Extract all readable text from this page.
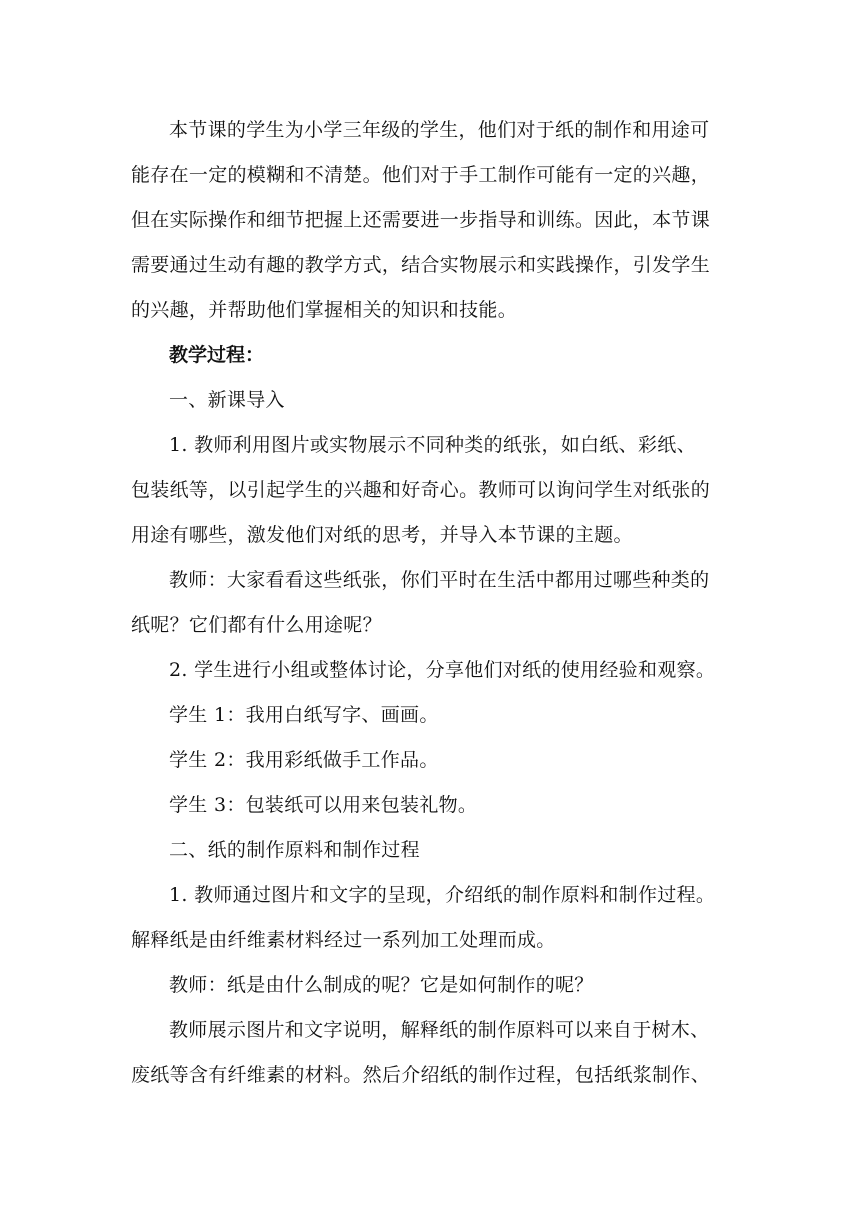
本节课的学生为小学三年级的学生，他们对于纸的制作和用途可
能存在一定的模糊和不清楚。他们对于手工制作可能有一定的兴趣，
但在实际操作和细节把握上还需要进一步指导和训练。因此，本节课
需要通过生动有趣的教学方式，结合实物展示和实践操作，引发学生
的兴趣，并帮助他们掌握相关的知识和技能。

教学过程：

一、新课导入

1. 教师利用图片或实物展示不同种类的纸张，如白纸、彩纸、
包装纸等，以引起学生的兴趣和好奇心。教师可以询问学生对纸张的
用途有哪些，激发他们对纸的思考，并导入本节课的主题。

教师：大家看看这些纸张，你们平时在生活中都用过哪些种类的
纸呢？它们都有什么用途呢？

2. 学生进行小组或整体讨论，分享他们对纸的使用经验和观察。

学生 1：我用白纸写字、画画。

学生 2：我用彩纸做手工作品。

学生 3：包装纸可以用来包装礼物。

二、纸的制作原料和制作过程

1. 教师通过图片和文字的呈现，介绍纸的制作原料和制作过程。
解释纸是由纤维素材料经过一系列加工处理而成。

教师：纸是由什么制成的呢？它是如何制作的呢？

教师展示图片和文字说明，解释纸的制作原料可以来自于树木、
废纸等含有纤维素的材料。然后介绍纸的制作过程，包括纸浆制作、
